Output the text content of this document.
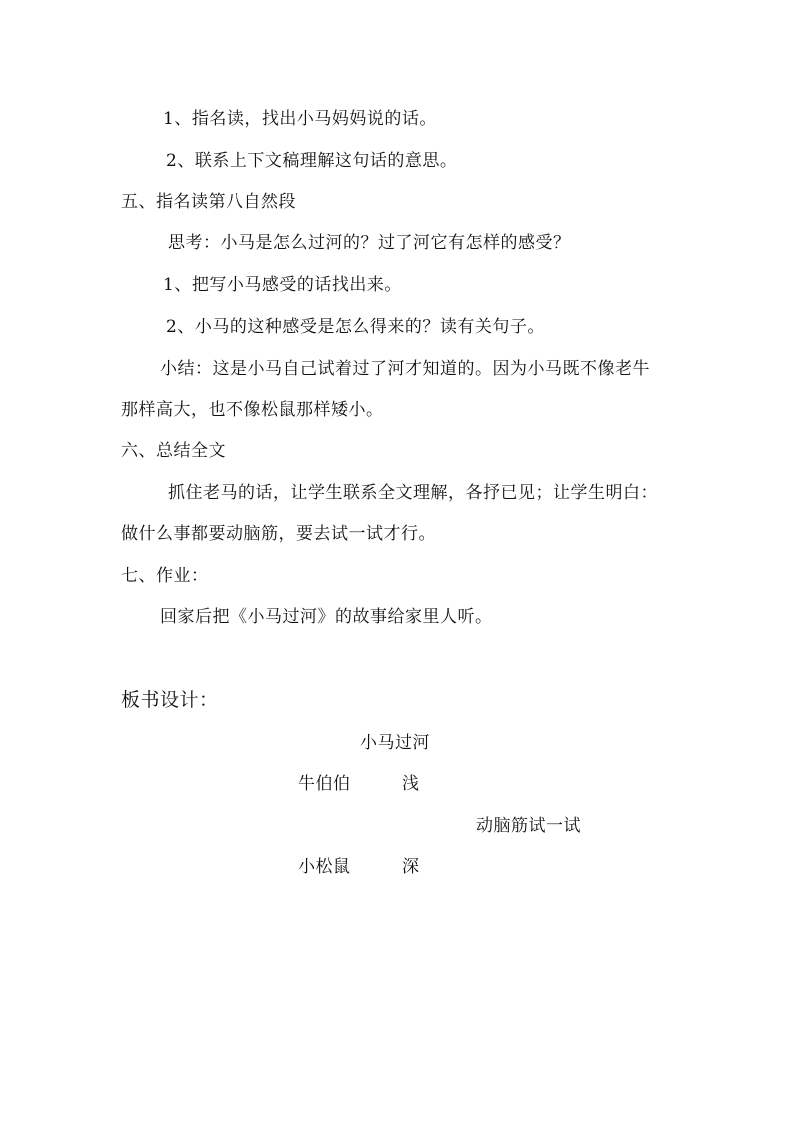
1、指名读，找出小马妈妈说的话。
2、联系上下文稿理解这句话的意思。
五、指名读第八自然段
思考：小马是怎么过河的？过了河它有怎样的感受？
1、把写小马感受的话找出来。
2、小马的这种感受是怎么得来的？读有关句子。
小结：这是小马自己试着过了河才知道的。因为小马既不像老牛
那样高大，也不像松鼠那样矮小。
六、总结全文
抓住老马的话，让学生联系全文理解，各抒已见；让学生明白：
做什么事都要动脑筋，要去试一试才行。
七、作业：
回家后把《小马过河》的故事给家里人听。
板书设计：
小马过河
牛伯伯	浅
动脑筋试一试
小松鼠	深
